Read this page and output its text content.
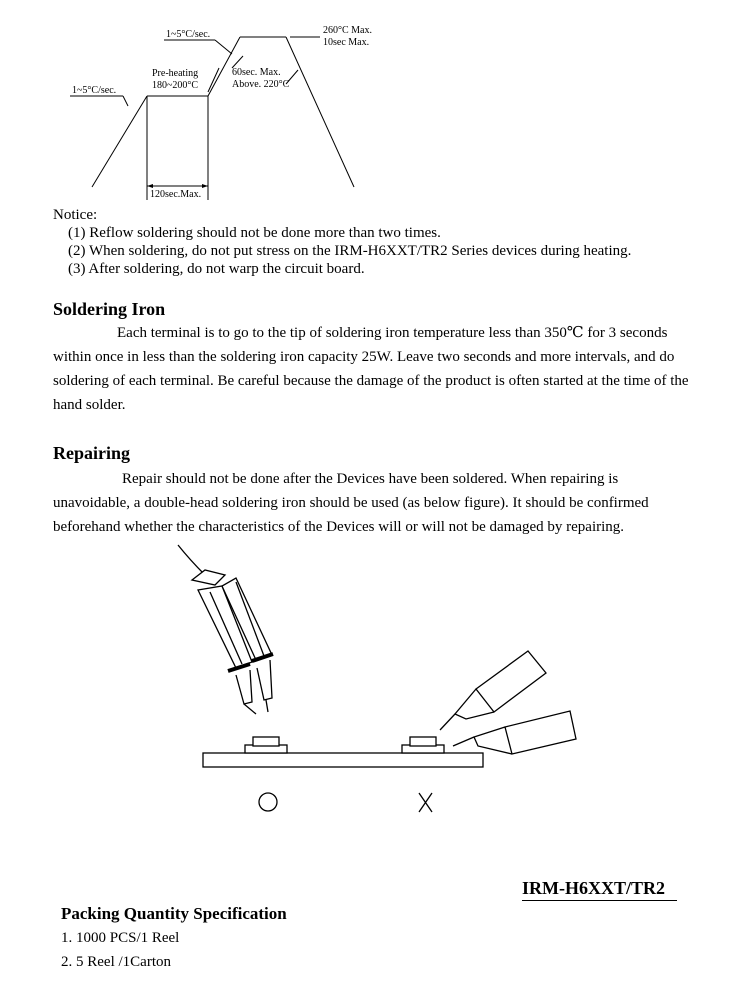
1~5°C/sec.	260°C Max.
10sec Max.
Pre-heating
180~200°C
60sec. Max.
Above. 220°C
1~5°C/sec.
120sec.Max.
Notice:
(1) Reflow soldering should not be done more than two times.
(2) When soldering, do not put stress on the IRM-H6XXT/TR2 Series devices during heating.
(3) After soldering, do not warp the circuit board.
Soldering Iron
Each terminal is to go to the tip of soldering iron temperature less than 350℃ for 3 seconds within once in less than the soldering iron capacity 25W. Leave two seconds and more intervals, and do soldering of each terminal. Be careful because the damage of the product is often started at the time of the hand solder.
Repairing
Repair should not be done after the Devices have been soldered. When repairing is unavoidable, a double-head soldering iron should be used (as below figure). It should be confirmed beforehand whether the characteristics of the Devices will or will not be damaged by repairing.
IRM-H6XXT/TR2
Packing Quantity Specification
1. 1000 PCS/1 Reel
2. 5 Reel /1Carton
